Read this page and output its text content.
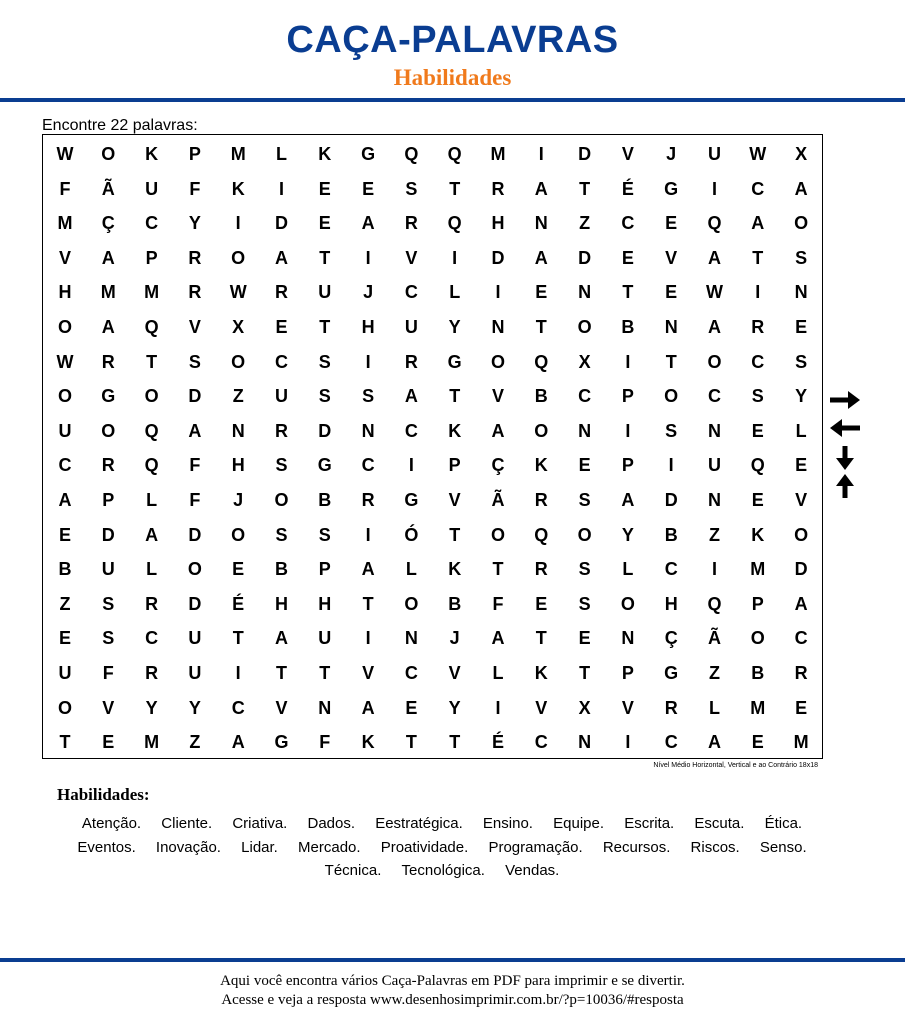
CAÇA-PALAVRAS
Habilidades
Encontre 22 palavras:
W	O	K	P	M	L	K	G	Q	Q	M	I	D	V	J	U	W	X
F	Ã	U	F	K	I	E	E	S	T	R	A	T	É	G	I	C	A
M	Ç	C	Y	I	D	E	A	R	Q	H	N	Z	C	E	Q	A	O
V	A	P	R	O	A	T	I	V	I	D	A	D	E	V	A	T	S
H	M	M	R	W	R	U	J	C	L	I	E	N	T	E	W	I	N
O	A	Q	V	X	E	T	H	U	Y	N	T	O	B	N	A	R	E
W	R	T	S	O	C	S	I	R	G	O	Q	X	I	T	O	C	S
O	G	O	D	Z	U	S	S	A	T	V	B	C	P	O	C	S	Y
U	O	Q	A	N	R	D	N	C	K	A	O	N	I	S	N	E	L
C	R	Q	F	H	S	G	C	I	P	Ç	K	E	P	I	U	Q	E
A	P	L	F	J	O	B	R	G	V	Ã	R	S	A	D	N	E	V
E	D	A	D	O	S	S	I	Ó	T	O	Q	O	Y	B	Z	K	O
B	U	L	O	E	B	P	A	L	K	T	R	S	L	C	I	M	D
Z	S	R	D	É	H	H	T	O	B	F	E	S	O	H	Q	P	A
E	S	C	U	T	A	U	I	N	J	A	T	E	N	Ç	Ã	O	C
U	F	R	U	I	T	T	V	C	V	L	K	T	P	G	Z	B	R
O	V	Y	Y	C	V	N	A	E	Y	I	V	X	V	R	L	M	E
T	E	M	Z	A	G	F	K	T	T	É	C	N	I	C	A	E	M
Nível Médio Horizontal, Vertical e ao Contrário 18x18
Habilidades:
Atenção. Cliente. Criativa. Dados. Eestratégica. Ensino. Equipe. Escrita. Escuta. Ética. Eventos. Inovação. Lidar. Mercado. Proatividade. Programação. Recursos. Riscos. Senso. Técnica. Tecnológica. Vendas.
Aqui você encontra vários Caça-Palavras em PDF para imprimir e se divertir.
Acesse e veja a resposta www.desenhosimprimir.com.br/?p=10036/#resposta
